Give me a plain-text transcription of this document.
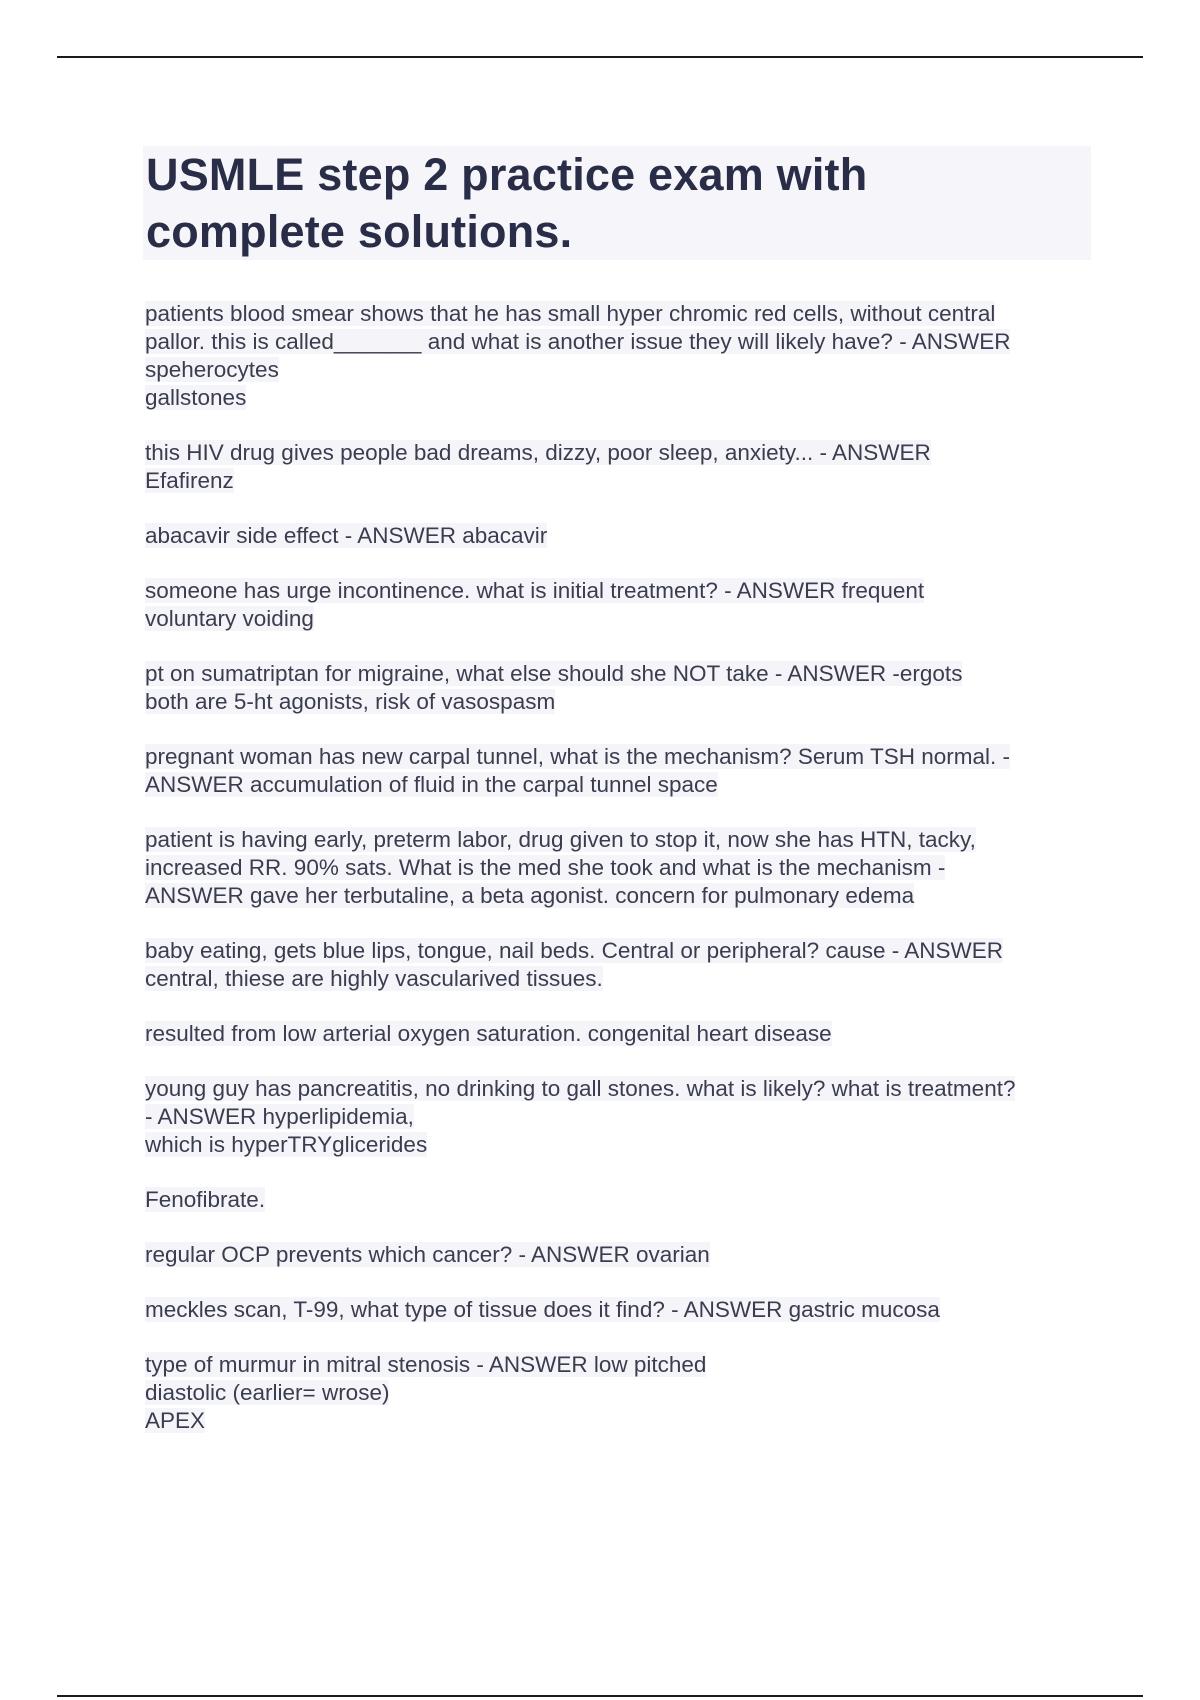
USMLE step 2 practice exam with
complete solutions.
patients blood smear shows that he has small hyper chromic red cells, without central
pallor. this is called_______ and what is another issue they will likely have? - ANSWER
speherocytes
gallstones
this HIV drug gives people bad dreams, dizzy, poor sleep, anxiety... - ANSWER
Efafirenz
abacavir side effect - ANSWER abacavir
someone has urge incontinence. what is initial treatment? - ANSWER frequent
voluntary voiding
pt on sumatriptan for migraine, what else should she NOT take - ANSWER -ergots
both are 5-ht agonists, risk of vasospasm
pregnant woman has new carpal tunnel, what is the mechanism? Serum TSH normal. -
ANSWER accumulation of fluid in the carpal tunnel space
patient is having early, preterm labor, drug given to stop it, now she has HTN, tacky,
increased RR. 90% sats. What is the med she took and what is the mechanism -
ANSWER gave her terbutaline, a beta agonist. concern for pulmonary edema
baby eating, gets blue lips, tongue, nail beds. Central or peripheral? cause - ANSWER
central, thiese are highly vascularived tissues.
resulted from low arterial oxygen saturation. congenital heart disease
young guy has pancreatitis, no drinking to gall stones. what is likely? what is treatment?
- ANSWER hyperlipidemia,
which is hyperTRYglicerides
Fenofibrate.
regular OCP prevents which cancer? - ANSWER ovarian
meckles scan, T-99, what type of tissue does it find? - ANSWER gastric mucosa
type of murmur in mitral stenosis - ANSWER low pitched
diastolic (earlier= wrose)
APEX
